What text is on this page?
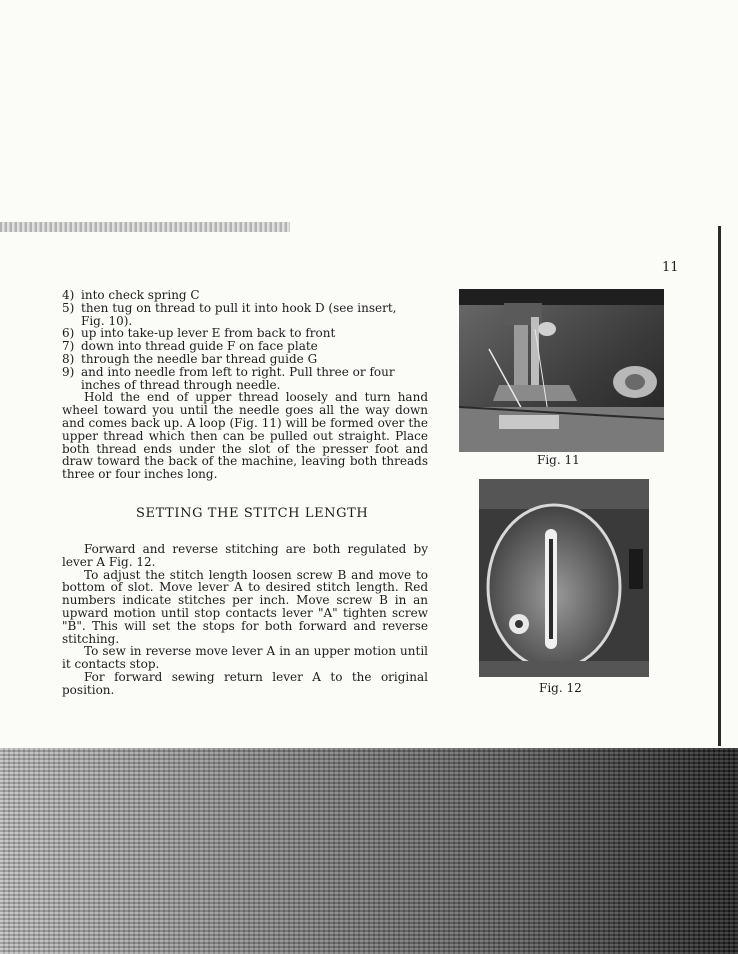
11
4) into check spring C
5) then tug on thread to pull it into hook D (see insert,
Fig. 10).
6) up into take-up lever E from back to front
7) down into thread guide F on face plate
8) through the needle bar thread guide G
9) and into needle from left to right. Pull three or four
inches of thread through needle.
Hold the end of upper thread loosely and turn hand wheel toward you until the needle goes all the way down and comes back up. A loop (Fig. 11) will be formed over the upper thread which then can be pulled out straight. Place both thread ends under the slot of the presser foot and draw toward the back of the machine, leaving both threads three or four inches long.
SETTING THE STITCH LENGTH
Forward and reverse stitching are both regulated by lever A Fig. 12.
To adjust the stitch length loosen screw B and move to bottom of slot. Move lever A to desired stitch length. Red numbers indicate stitches per inch. Move screw B in an upward motion until stop contacts lever "A" tighten screw "B". This will set the stops for both forward and reverse stitching.
To sew in reverse move lever A in an upper motion until it contacts stop.
For forward sewing return lever A to the original position.
Fig. 11
Fig. 12
